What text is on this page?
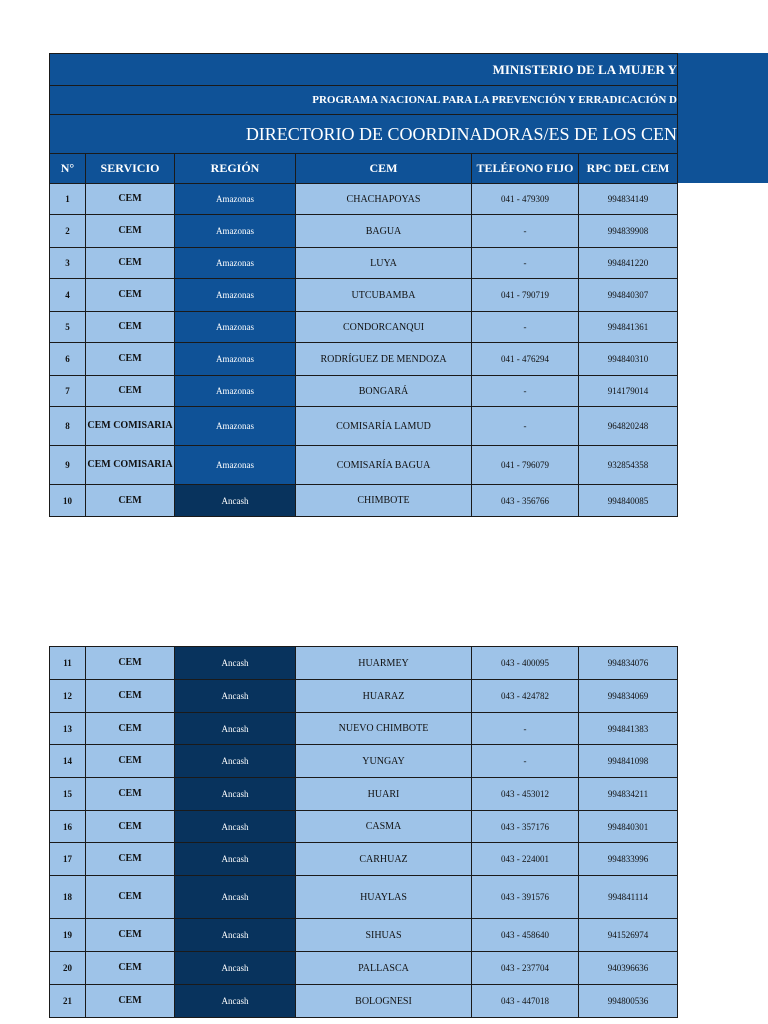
MINISTERIO DE LA MUJER Y					
PROGRAMA NACIONAL PARA LA PREVENCIÓN Y ERRADICACIÓN D					
DIRECTORIO DE COORDINADORAS/ES DE LOS CEN					
N°	SERVICIO	REGIÓN	CEM	TELÉFONO FIJO	RPC DEL CEM
1	CEM	Amazonas	CHACHAPOYAS	041 - 479309	994834149
2	CEM	Amazonas	BAGUA	-	994839908
3	CEM	Amazonas	LUYA	-	994841220
4	CEM	Amazonas	UTCUBAMBA	041 - 790719	994840307
5	CEM	Amazonas	CONDORCANQUI	-	994841361
6	CEM	Amazonas	RODRÍGUEZ DE MENDOZA	041 - 476294	994840310
7	CEM	Amazonas	BONGARÁ	-	914179014
8	CEM COMISARIA	Amazonas	COMISARÍA LAMUD	-	964820248
9	CEM COMISARIA	Amazonas	COMISARÍA BAGUA	041 - 796079	932854358
10	CEM	Ancash	CHIMBOTE	043 - 356766	994840085
11	CEM	Ancash	HUARMEY	043 - 400095	994834076
12	CEM	Ancash	HUARAZ	043 - 424782	994834069
13	CEM	Ancash	NUEVO CHIMBOTE	-	994841383
14	CEM	Ancash	YUNGAY	-	994841098
15	CEM	Ancash	HUARI	043 - 453012	994834211
16	CEM	Ancash	CASMA	043 - 357176	994840301
17	CEM	Ancash	CARHUAZ	043 - 224001	994833996
18	CEM	Ancash	HUAYLAS	043 - 391576	994841114
19	CEM	Ancash	SIHUAS	043 - 458640	941526974
20	CEM	Ancash	PALLASCA	043 - 237704	940396636
21	CEM	Ancash	BOLOGNESI	043 - 447018	994800536
